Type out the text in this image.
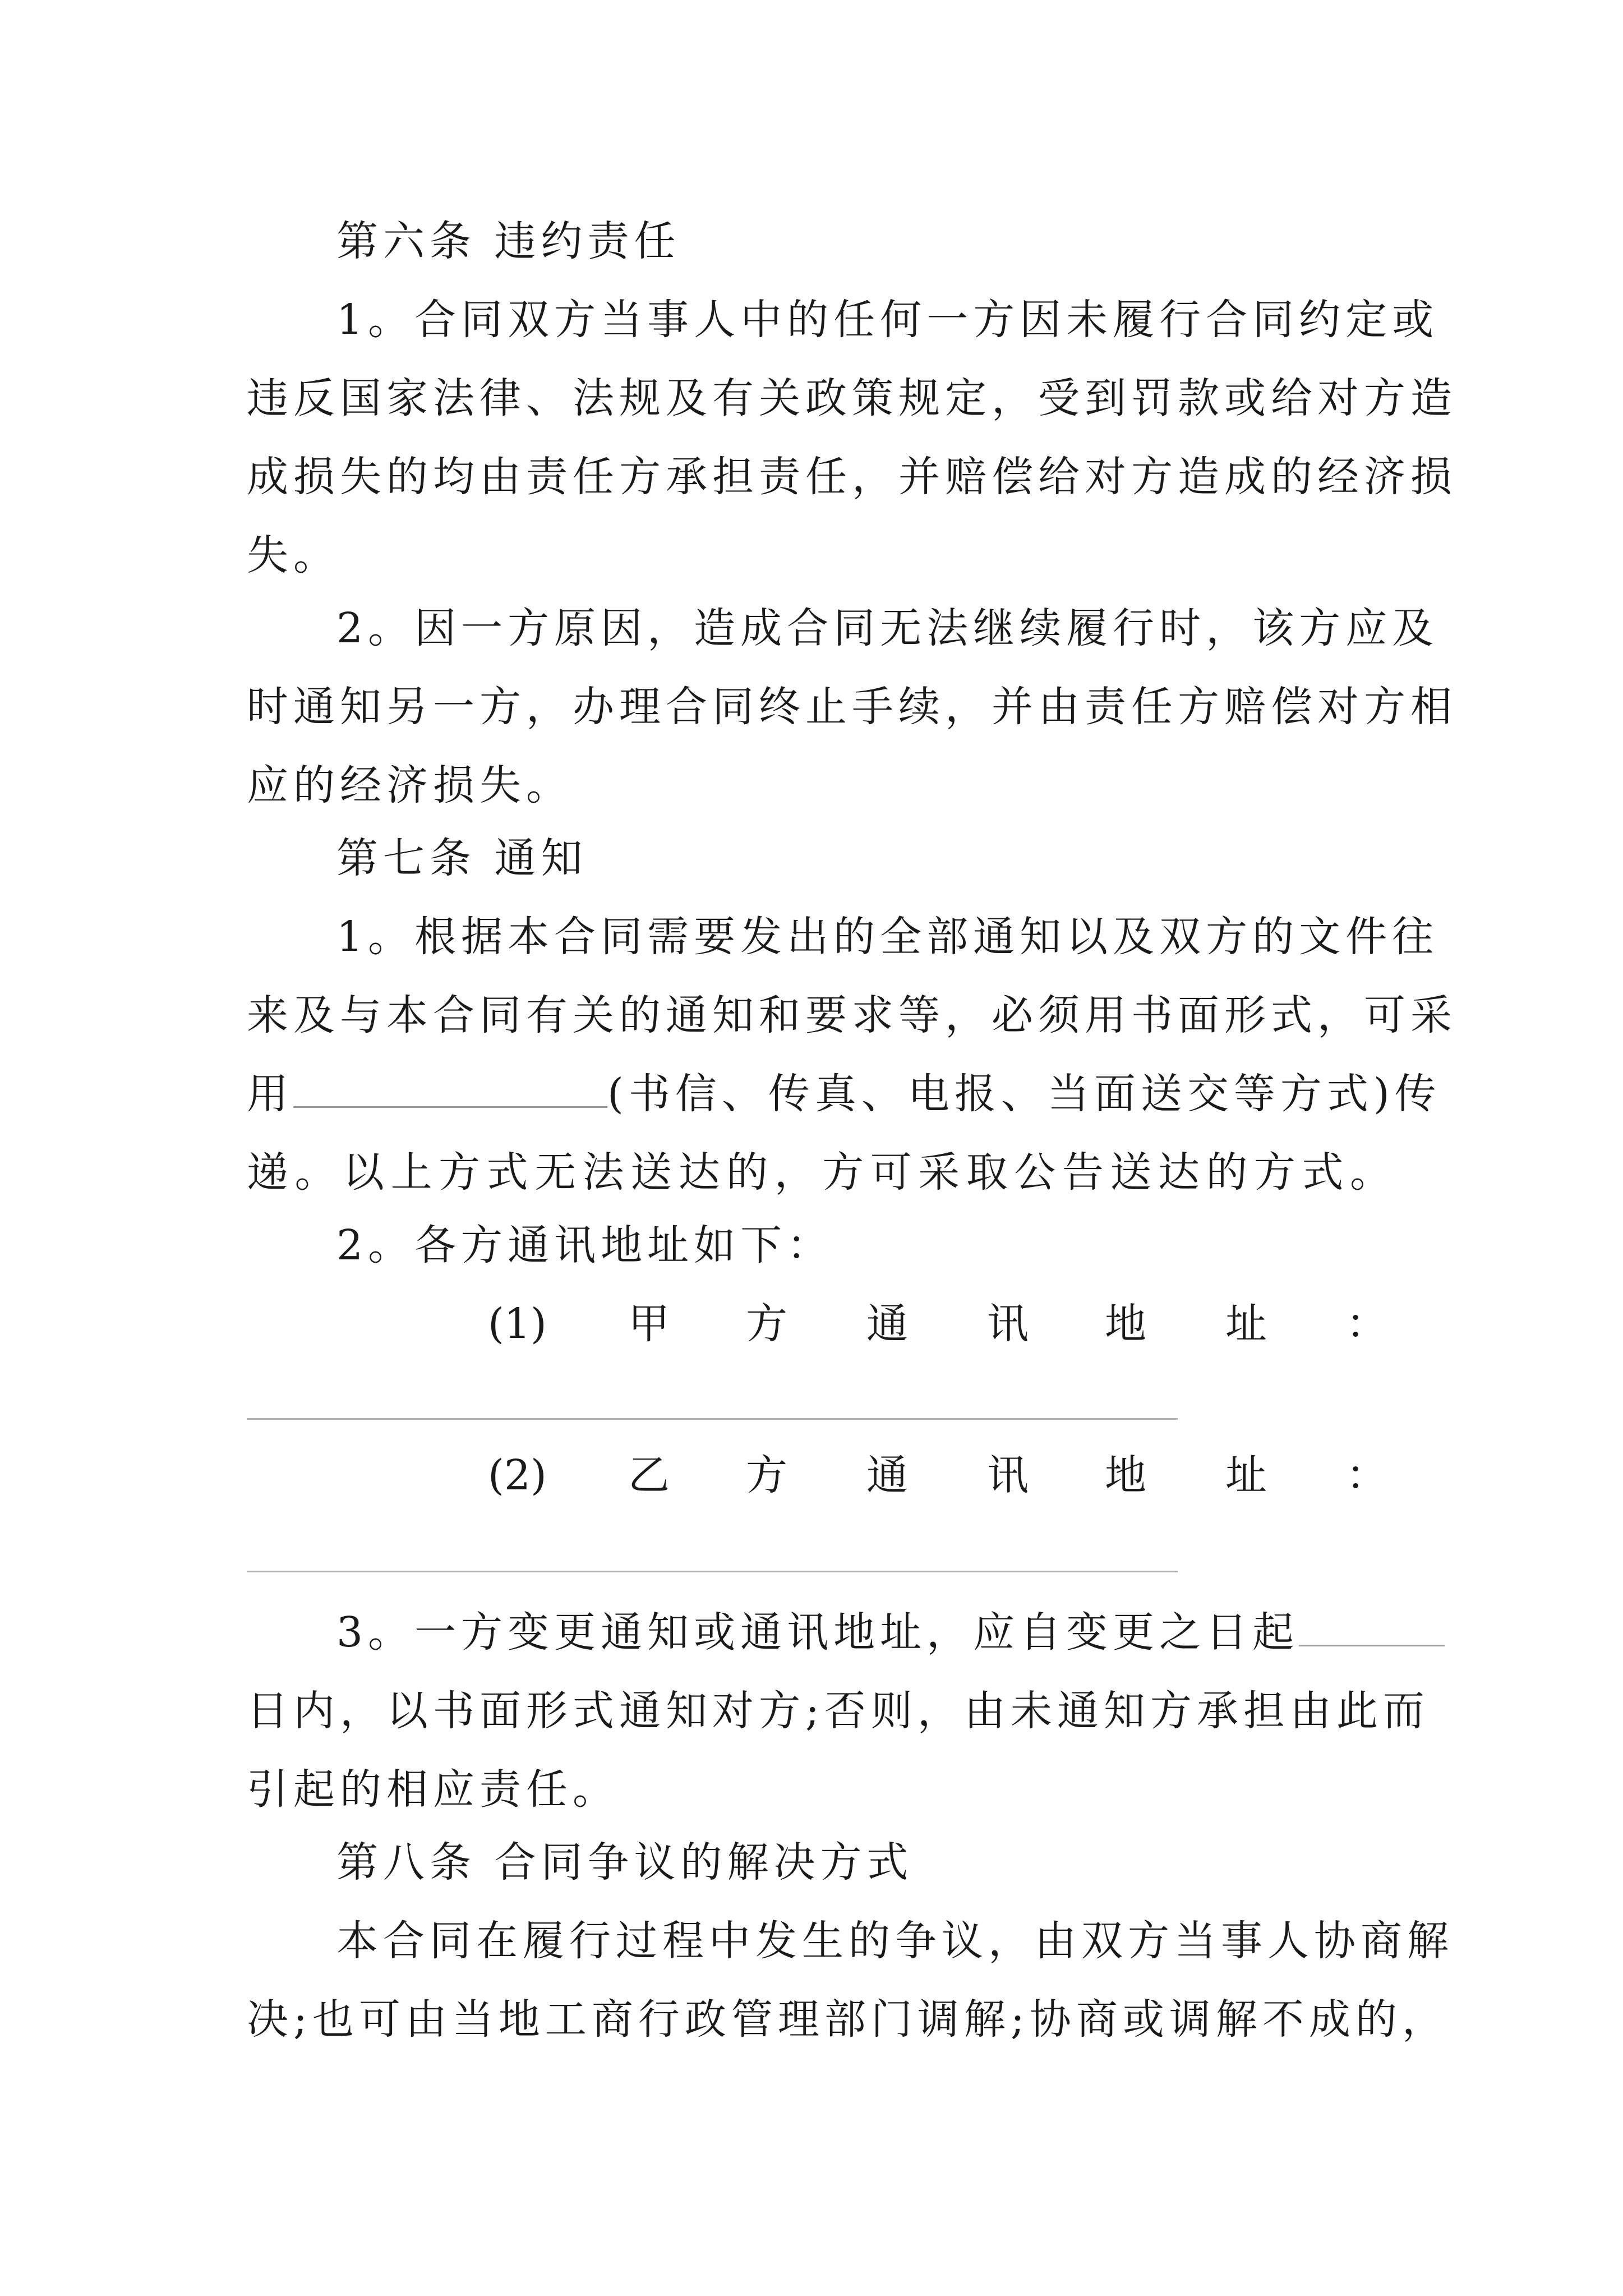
第六条 违约责任
1。合同双方当事人中的任何一方因未履行合同约定或
违反国家法律、法规及有关政策规定，受到罚款或给对方造
成损失的均由责任方承担责任，并赔偿给对方造成的经济损
失。
2。因一方原因，造成合同无法继续履行时，该方应及
时通知另一方，办理合同终止手续，并由责任方赔偿对方相
应的经济损失。
第七条 通知
1。根据本合同需要发出的全部通知以及双方的文件往
来及与本合同有关的通知和要求等，必须用书面形式，可采
用	(书信、传真、电报、当面送交等方式)传
递。以上方式无法送达的，方可采取公告送达的方式。
2。各方通讯地址如下：
(1) 甲 方 通 讯 地 址 ：
(2) 乙 方 通 讯 地 址 ：
3。一方变更通知或通讯地址，应自变更之日起
日内，以书面形式通知对方;否则，由未通知方承担由此而
引起的相应责任。
第八条 合同争议的解决方式
本合同在履行过程中发生的争议，由双方当事人协商解
决;也可由当地工商行政管理部门调解;协商或调解不成的，
